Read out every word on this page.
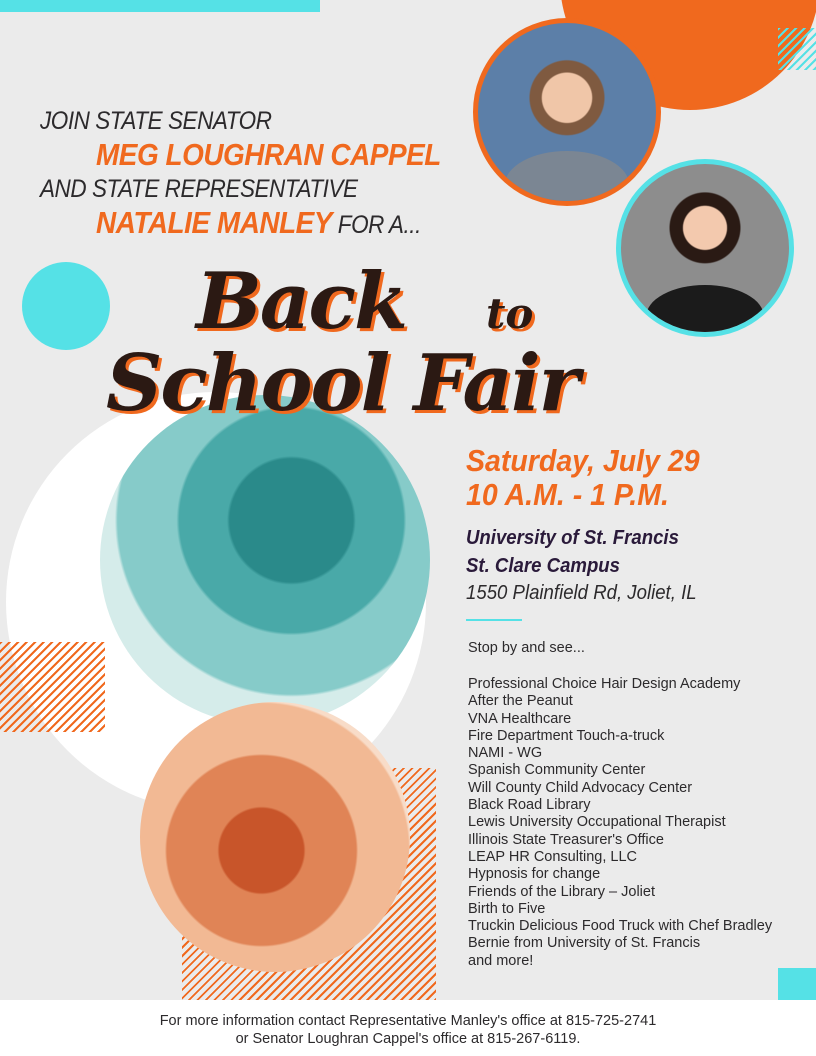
JOIN STATE SENATOR
MEG LOUGHRAN CAPPEL
AND STATE REPRESENTATIVE
NATALIE MANLEY FOR A...
Back to
School Fair
Saturday, July 29
10 A.M. - 1 P.M.
University of St. Francis
St. Clare Campus
1550 Plainfield Rd, Joliet, IL
Stop by and see...
Professional Choice Hair Design Academy
After the Peanut
VNA Healthcare
Fire Department Touch-a-truck
NAMI - WG
Spanish Community Center
Will County Child Advocacy Center
Black Road Library
Lewis University Occupational Therapist
Illinois State Treasurer's Office
LEAP HR Consulting, LLC
Hypnosis for change
Friends of the Library – Joliet
Birth to Five
Truckin Delicious Food Truck with Chef Bradley
Bernie from University of St. Francis
and more!
For more information contact Representative Manley's office at 815-725-2741
or Senator Loughran Cappel's office at 815-267-6119.
